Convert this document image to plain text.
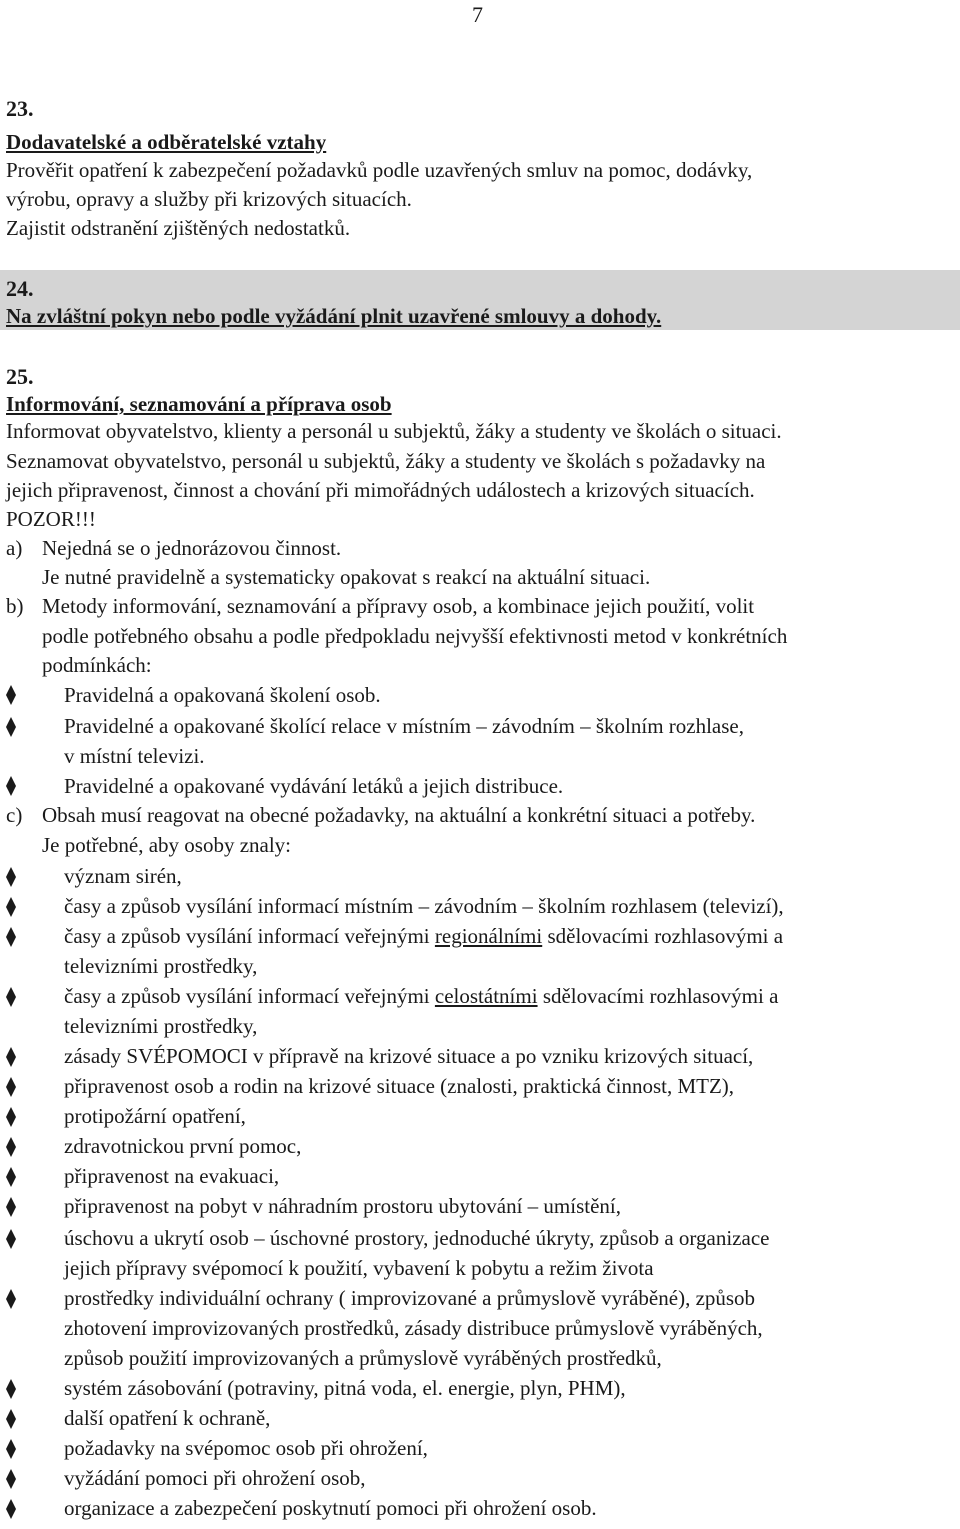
7
23.
Dodavatelské a odběratelské vztahy
Prověřit opatření k zabezpečení požadavků podle uzavřených smluv na pomoc, dodávky,
výrobu, opravy a služby při krizových situacích.
Zajistit odstranění zjištěných nedostatků.
24.
Na zvláštní pokyn nebo podle vyžádání plnit uzavřené smlouvy a dohody.
25.
Informování, seznamování a příprava osob
Informovat obyvatelstvo, klienty a personál u subjektů, žáky a studenty ve školách o situaci.
Seznamovat obyvatelstvo, personál u subjektů, žáky a studenty ve školách s požadavky na
jejich připravenost, činnost a chování při mimořádných událostech a krizových situacích.
POZOR!!!
a) Nejedná se o jednorázovou činnost.
Je nutné pravidelně a systematicky opakovat s reakcí na aktuální situaci.
b) Metody informování, seznamování a přípravy osob, a kombinace jejich použití, volit
podle potřebného obsahu a podle předpokladu nejvyšší efektivnosti metod v konkrétních
podmínkách:
Pravidelná a opakovaná školení osob.
Pravidelné a opakované školící relace v místním – závodním – školním rozhlase,
v místní televizi.
Pravidelné a opakované vydávání letáků a jejich distribuce.
c) Obsah musí reagovat na obecné požadavky, na aktuální a konkrétní situaci a potřeby.
Je potřebné, aby osoby znaly:
význam sirén,
časy a způsob vysílání informací místním – závodním – školním rozhlasem (televizí),
časy a způsob vysílání informací veřejnými regionálními sdělovacími rozhlasovými a
televizními prostředky,
časy a způsob vysílání informací veřejnými celostátními sdělovacími rozhlasovými a
televizními prostředky,
zásady SVÉPOMOCI v přípravě na krizové situace a po vzniku krizových situací,
připravenost osob a rodin na krizové situace (znalosti, praktická činnost, MTZ),
protipožární opatření,
zdravotnickou první pomoc,
připravenost na evakuaci,
připravenost na pobyt v náhradním prostoru ubytování – umístění,
úschovu a ukrytí osob – úschovné prostory, jednoduché úkryty, způsob a organizace
jejich přípravy svépomocí k použití, vybavení k pobytu a režim života
prostředky individuální ochrany ( improvizované a průmyslově vyráběné), způsob
zhotovení improvizovaných prostředků, zásady distribuce průmyslově vyráběných,
způsob použití improvizovaných a průmyslově vyráběných prostředků,
systém zásobování (potraviny, pitná voda, el. energie, plyn, PHM),
další opatření k ochraně,
požadavky na svépomoc osob při ohrožení,
vyžádání pomoci při ohrožení osob,
organizace a zabezpečení poskytnutí pomoci při ohrožení osob.
